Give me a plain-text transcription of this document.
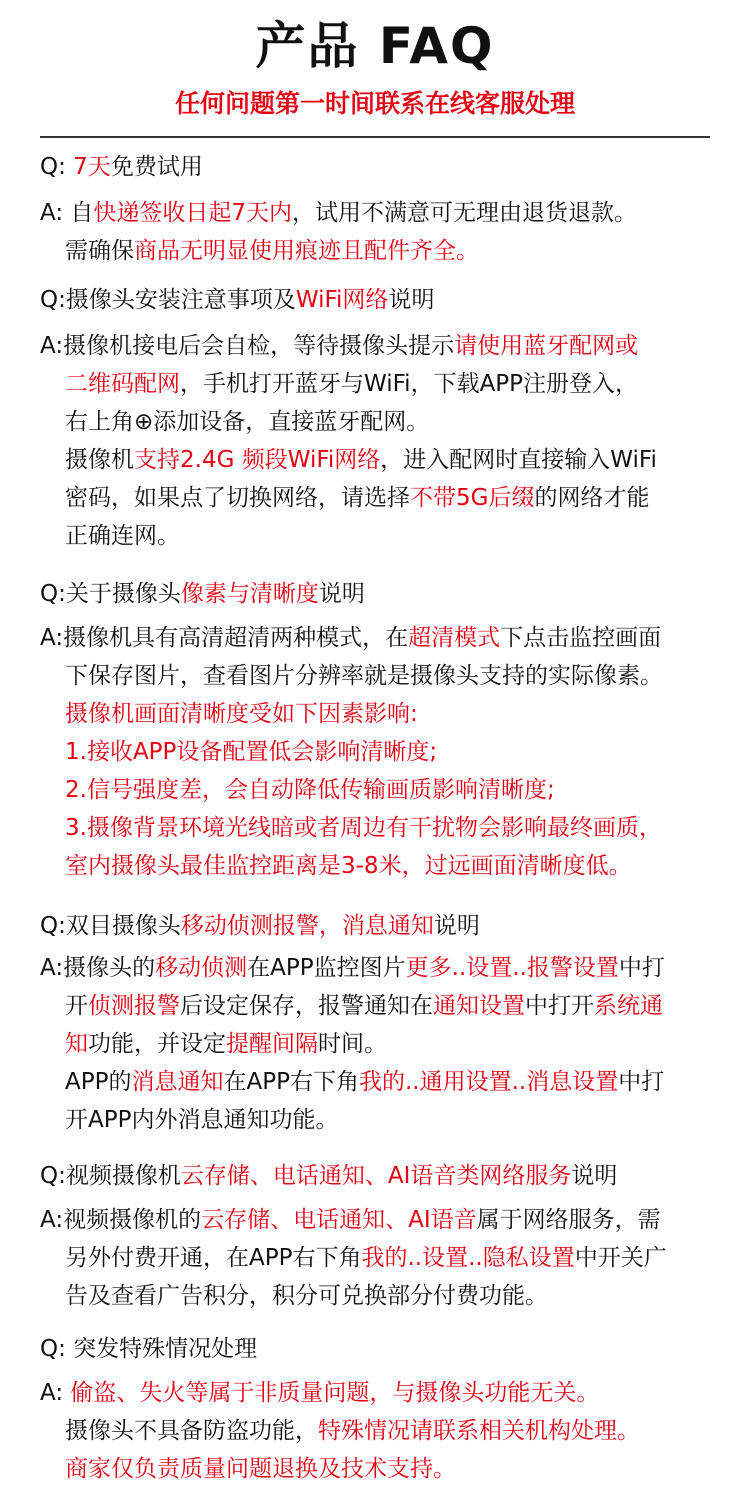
产品 FAQ
任何问题第一时间联系在线客服处理
Q: 7天免费试用
A: 自快递签收日起7天内，试用不满意可无理由退货退款。
需确保商品无明显使用痕迹且配件齐全。
Q:摄像头安装注意事项及WiFi网络说明
A:摄像机接电后会自检，等待摄像头提示请使用蓝牙配网或
二维码配网，手机打开蓝牙与WiFi，下载APP注册登入，
右上角⊕添加设备，直接蓝牙配网。
摄像机支持2.4G 频段WiFi网络，进入配网时直接输入WiFi
密码，如果点了切换网络，请选择不带5G后缀的网络才能
正确连网。
Q:关于摄像头像素与清晰度说明
A:摄像机具有高清超清两种模式，在超清模式下点击监控画面
下保存图片，查看图片分辨率就是摄像头支持的实际像素。
摄像机画面清晰度受如下因素影响:
1.接收APP设备配置低会影响清晰度;
2.信号强度差，会自动降低传输画质影响清晰度;
3.摄像背景环境光线暗或者周边有干扰物会影响最终画质，
室内摄像头最佳监控距离是3-8米，过远画面清晰度低。
Q:双目摄像头移动侦测报警，消息通知说明
A:摄像头的移动侦测在APP监控图片更多..设置..报警设置中打
开侦测报警后设定保存，报警通知在通知设置中打开系统通
知功能，并设定提醒间隔时间。
APP的消息通知在APP右下角我的..通用设置..消息设置中打
开APP内外消息通知功能。
Q:视频摄像机云存储、电话通知、AI语音类网络服务说明
A:视频摄像机的云存储、电话通知、AI语音属于网络服务，需
另外付费开通，在APP右下角我的..设置..隐私设置中开关广
告及查看广告积分，积分可兑换部分付费功能。
Q: 突发特殊情况处理
A: 偷盗、失火等属于非质量问题，与摄像头功能无关。
摄像头不具备防盗功能，特殊情况请联系相关机构处理。
商家仅负责质量问题退换及技术支持。
